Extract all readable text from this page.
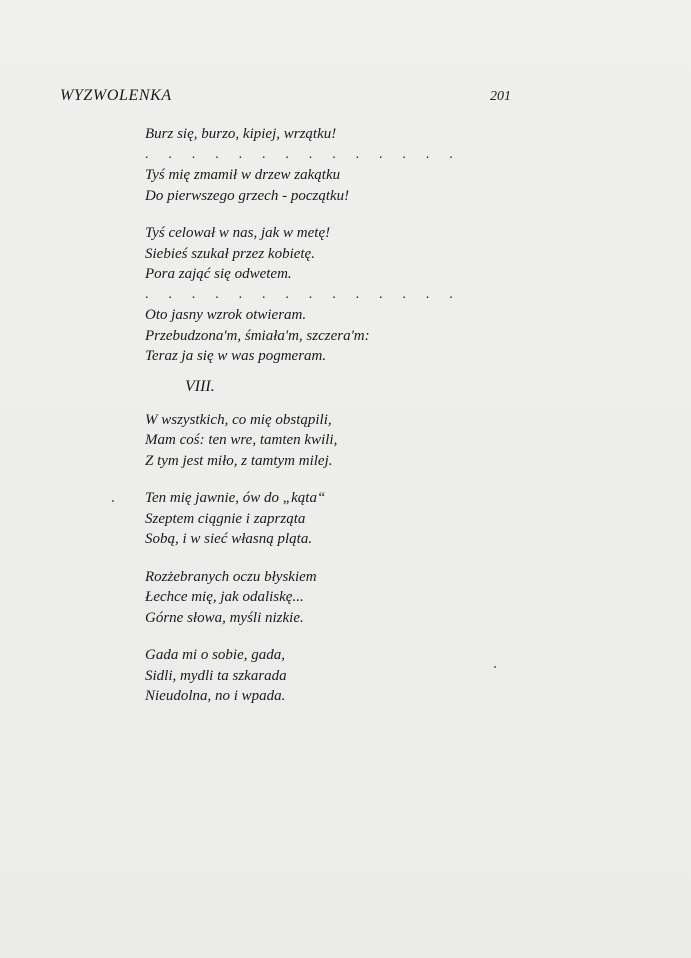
WYZWOLENKA	201
Burz się, burzo, kipiej, wrzątku!
. . . . . . . . . . . . . .
Tyś mię zmamił w drzew zakątku
Do pierwszego grzech - początku!
Tyś celował w nas, jak w metę!
Siebieś szukał przez kobietę.
Pora zająć się odwetem.
. . . . . . . . . . . . . .
Oto jasny wzrok otwieram.
Przebudzona'm, śmiała'm, szczera'm:
Teraz ja się w was pogmeram.
VIII.
W wszystkich, co mię obstąpili,
Mam coś: ten wre, tamten kwili,
Z tym jest miło, z tamtym milej.
Ten mię jawnie, ów do „kąta“
Szeptem ciągnie i zaprząta
Sobą, i w sieć własną pląta.
Rozżebranych oczu błyskiem
Łechce mię, jak odaliskę...
Górne słowa, myśli nizkie.
Gada mi o sobie, gada,
Sidli, mydli ta szkarada
Nieudolna, no i wpada.
